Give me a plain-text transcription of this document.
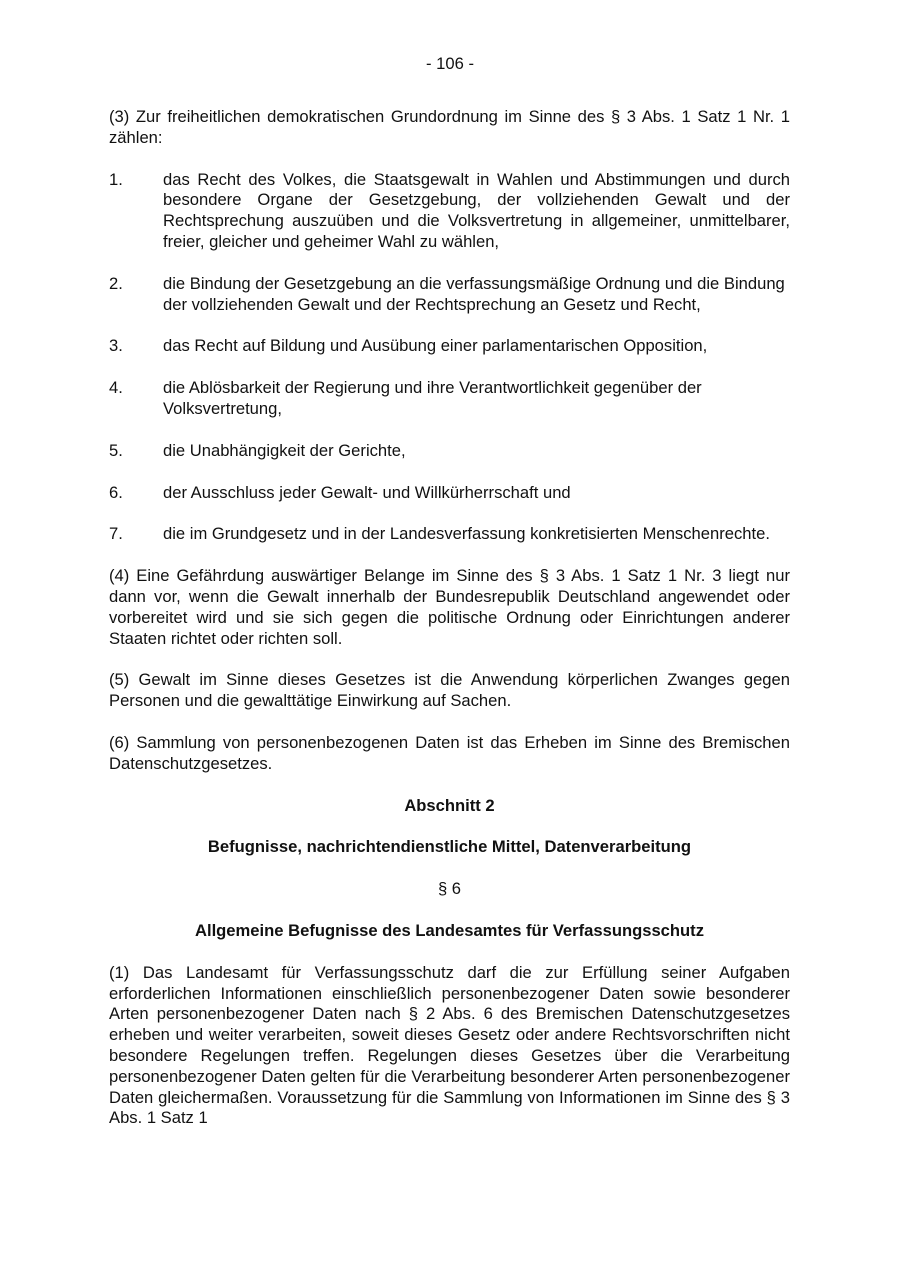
- 106 -

(3) Zur freiheitlichen demokratischen Grundordnung im Sinne des § 3 Abs. 1 Satz 1 Nr. 1 zählen:

1.	das Recht des Volkes, die Staatsgewalt in Wahlen und Abstimmungen und durch besondere Organe der Gesetzgebung, der vollziehenden Gewalt und der Rechtsprechung auszuüben und die Volksvertretung in allgemeiner, unmittelbarer, freier, gleicher und geheimer Wahl zu wählen,
2.	die Bindung der Gesetzgebung an die verfassungsmäßige Ordnung und die Bindung der vollziehenden Gewalt und der Rechtsprechung an Gesetz und Recht,
3.	das Recht auf Bildung und Ausübung einer parlamentarischen Opposition,
4.	die Ablösbarkeit der Regierung und ihre Verantwortlichkeit gegenüber der Volksvertretung,
5.	die Unabhängigkeit der Gerichte,
6.	der Ausschluss jeder Gewalt- und Willkürherrschaft und
7.	die im Grundgesetz und in der Landesverfassung konkretisierten Menschenrechte.

(4) Eine Gefährdung auswärtiger Belange im Sinne des § 3 Abs. 1 Satz 1 Nr. 3 liegt nur dann vor, wenn die Gewalt innerhalb der Bundesrepublik Deutschland angewendet oder vorbereitet wird und sie sich gegen die politische Ordnung oder Einrichtungen anderer Staaten richtet oder richten soll.

(5) Gewalt im Sinne dieses Gesetzes ist die Anwendung körperlichen Zwanges gegen Personen und die gewalttätige Einwirkung auf Sachen.

(6) Sammlung von personenbezogenen Daten ist das Erheben im Sinne des Bremischen Datenschutzgesetzes.

Abschnitt 2
Befugnisse, nachrichtendienstliche Mittel, Datenverarbeitung
§ 6
Allgemeine Befugnisse des Landesamtes für Verfassungsschutz

(1) Das Landesamt für Verfassungsschutz darf die zur Erfüllung seiner Aufgaben erforderlichen Informationen einschließlich personenbezogener Daten sowie besonderer Arten personenbezogener Daten nach § 2 Abs. 6 des Bremischen Datenschutzgesetzes erheben und weiter verarbeiten, soweit dieses Gesetz oder andere Rechtsvorschriften nicht besondere Regelungen treffen. Regelungen dieses Gesetzes über die Verarbeitung personenbezogener Daten gelten für die Verarbeitung besonderer Arten personenbezogener Daten gleichermaßen. Voraussetzung für die Sammlung von Informationen im Sinne des § 3 Abs. 1 Satz 1
